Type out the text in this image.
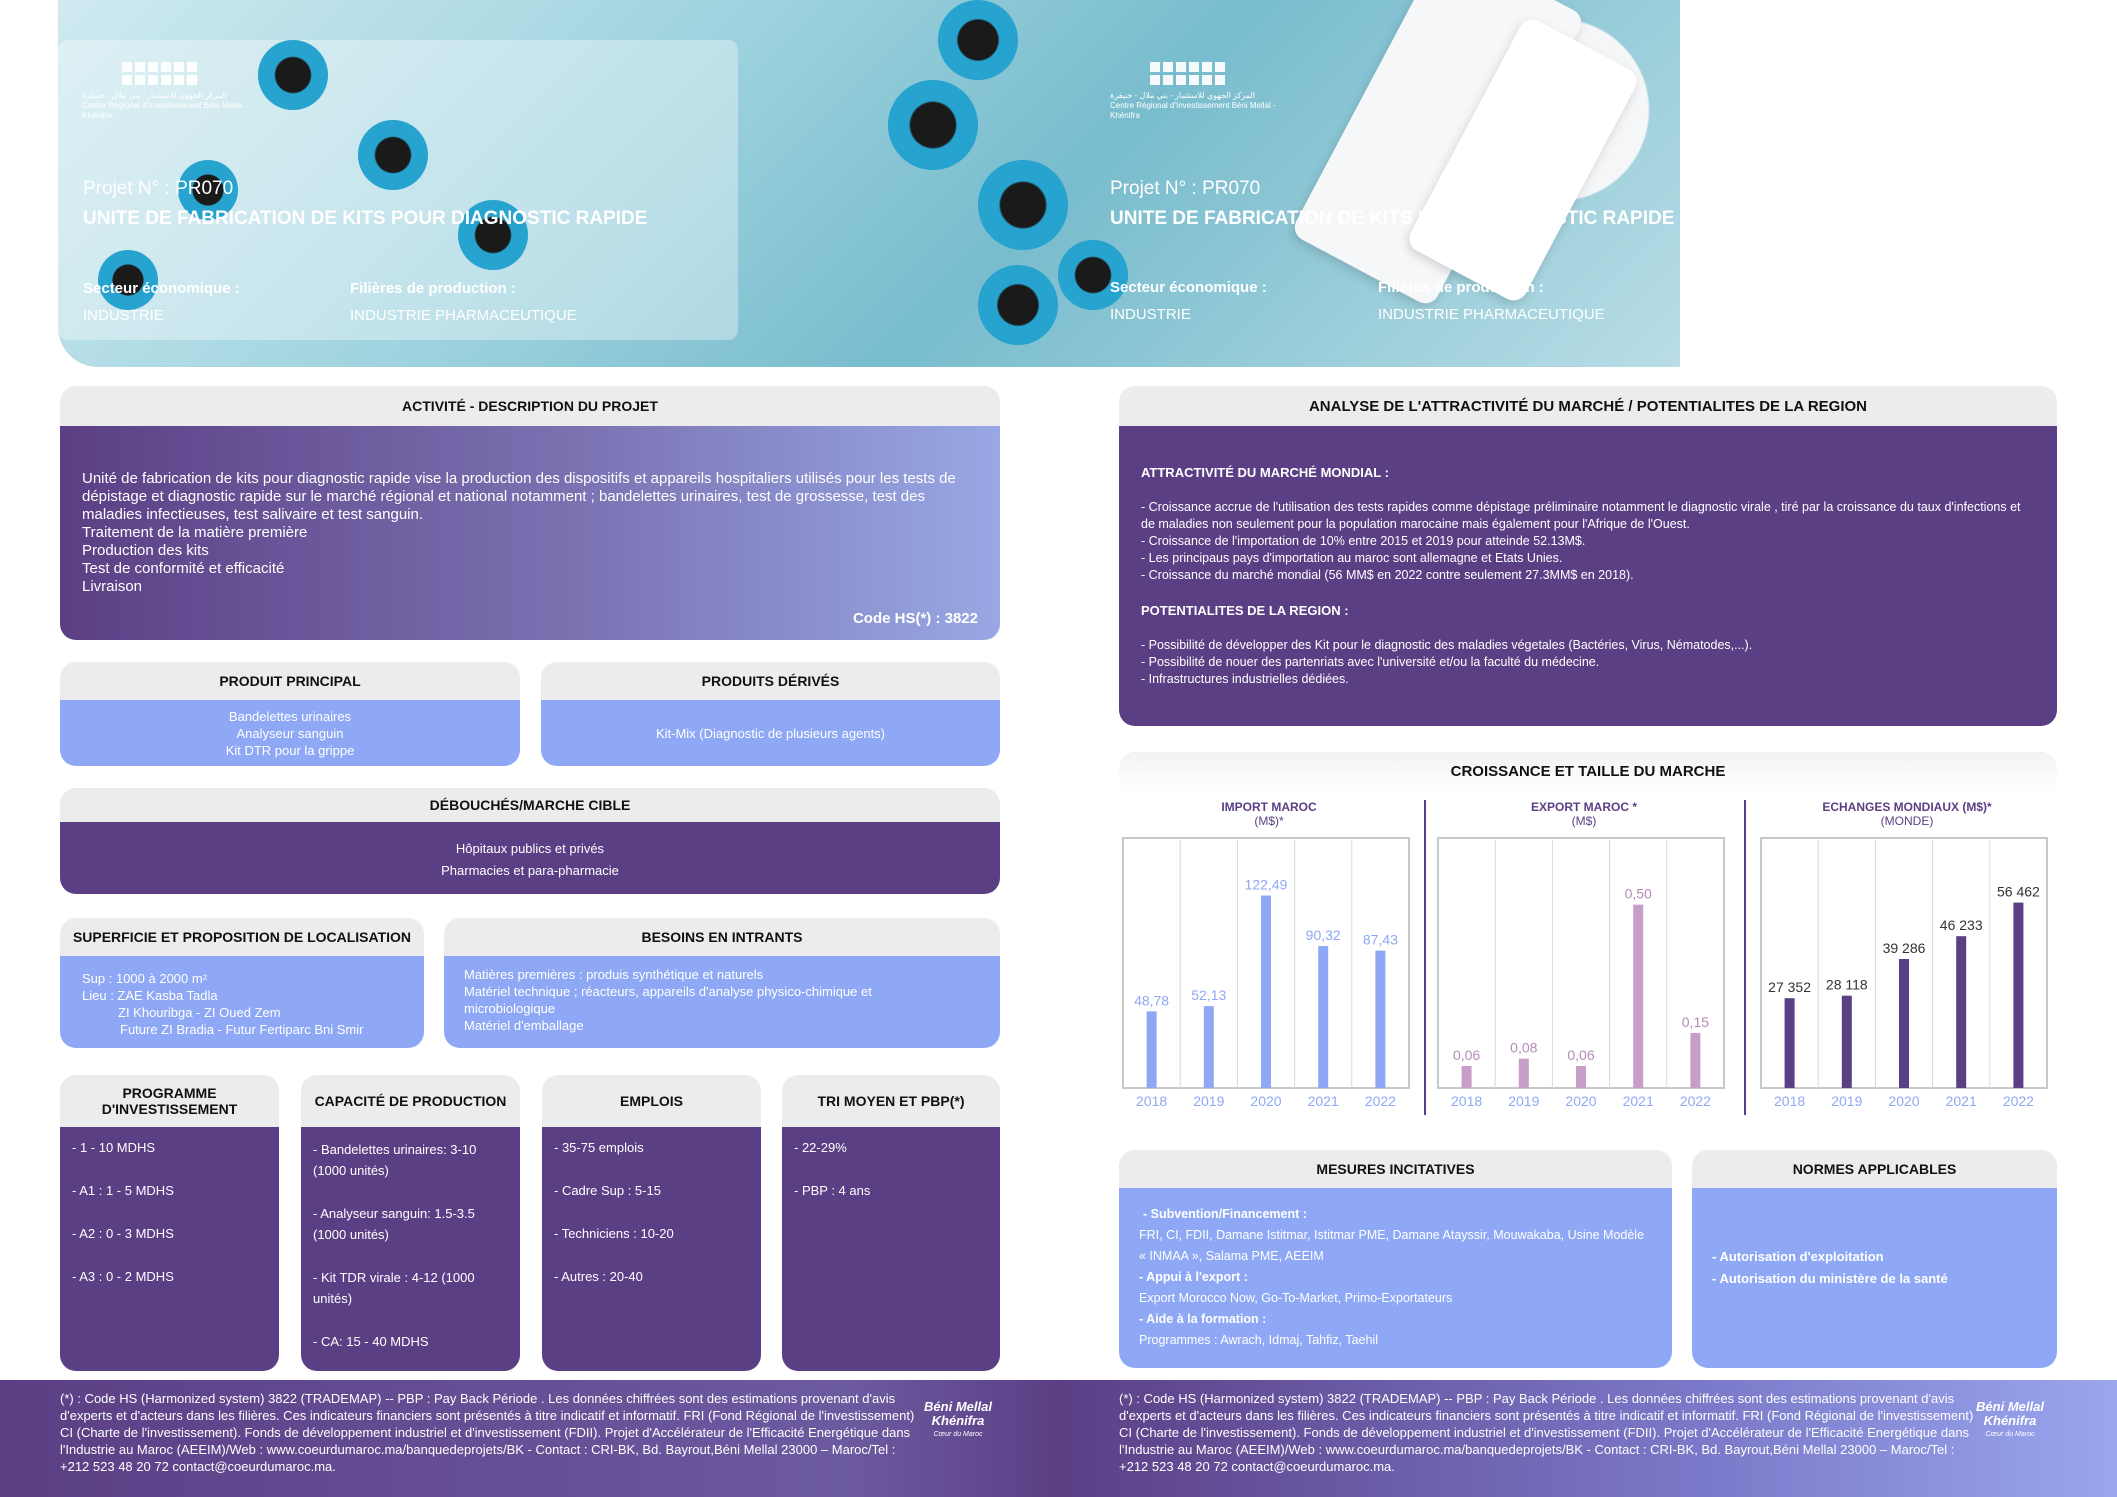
المركز الجهوي للاستثمار - بني ملال - خنيفرة
Centre Régional d'Investissement Béni Mellal - Khénifra
المركز الجهوي للاستثمار - بني ملال - خنيفرة
Centre Régional d'Investissement Béni Mellal - Khénifra
Projet N° : PR070
UNITE DE FABRICATION DE KITS POUR DIAGNOSTIC RAPIDE
Secteur économique :
INDUSTRIE
Filières de production :
INDUSTRIE PHARMACEUTIQUE
Projet N° : PR070
UNITE DE FABRICATION DE KITS POUR DIAGNOSTIC RAPIDE
Secteur économique :
INDUSTRIE
Filières de production :
INDUSTRIE PHARMACEUTIQUE
ACTIVITÉ - DESCRIPTION DU PROJET
Unité de fabrication de kits pour diagnostic rapide vise la production des dispositifs et appareils hospitaliers utilisés pour les tests de dépistage et diagnostic rapide sur le marché régional et national notamment ; bandelettes urinaires, test de grossesse, test des maladies infectieuses, test salivaire et test sanguin.
Traitement de la matière première
Production des kits
Test de conformité et efficacité
Livraison
Code HS(*) : 3822
PRODUIT PRINCIPAL
Bandelettes urinaires
Analyseur sanguin
Kit DTR pour la grippe
PRODUITS DÉRIVÉS
Kit-Mix (Diagnostic de plusieurs agents)
DÉBOUCHÉS/MARCHE CIBLE
Hôpitaux publics et privés
Pharmacies et para-pharmacie
SUPERFICIE ET PROPOSITION DE LOCALISATION
Sup : 1000 à 2000 m²
Lieu : ZAE Kasba Tadla
ZI Khouribga - ZI Oued Zem
Future ZI Bradia - Futur Fertiparc Bni Smir
BESOINS EN INTRANTS
Matières premières : produis synthétique et naturels
Matériel technique ; réacteurs, appareils d'analyse physico-chimique et microbiologique
Matériel d'emballage
PROGRAMME D'INVESTISSEMENT
- 1 - 10 MDHS
- A1 : 1 - 5 MDHS
- A2 : 0 - 3 MDHS
- A3 : 0 - 2 MDHS
CAPACITÉ DE PRODUCTION
- Bandelettes urinaires: 3-10 (1000 unités)
- Analyseur sanguin: 1.5-3.5 (1000 unités)
- Kit TDR virale : 4-12 (1000 unités)
- CA: 15 - 40 MDHS
EMPLOIS
- 35-75 emplois
- Cadre Sup : 5-15
- Techniciens : 10-20
- Autres : 20-40
TRI MOYEN ET PBP(*)
- 22-29%
- PBP : 4 ans
ANALYSE DE L'ATTRACTIVITÉ DU MARCHÉ / POTENTIALITES DE LA REGION
ATTRACTIVITÉ DU MARCHÉ MONDIAL :
- Croissance accrue de l'utilisation des tests rapides comme dépistage préliminaire notamment le diagnostic virale , tiré par la croissance du taux d'infections et de maladies non seulement pour la population marocaine mais également pour l'Afrique de l'Ouest.
- Croissance de l'importation de 10% entre 2015 et 2019 pour atteinde 52.13M$.
- Les principaus pays d'importation au maroc sont allemagne et Etats Unies.
- Croissance du marché mondial (56 MM$ en 2022 contre seulement 27.3MM$ en 2018).
POTENTIALITES DE LA REGION :
- Possibilité de développer des Kit pour le diagnostic des maladies végetales (Bactéries, Virus, Nématodes,...).
- Possibilité de nouer des partenriats avec l'université et/ou la faculté du médecine.
- Infrastructures industrielles dédiées.
CROISSANCE ET TAILLE DU MARCHE
IMPORT MAROC
(M$)*
48,78
2018
52,13
2019
122,49
2020
90,32
2021
87,43
2022
EXPORT MAROC *
(M$)
0,06
2018
0,08
2019
0,06
2020
0,50
2021
0,15
2022
ECHANGES MONDIAUX (M$)*
(MONDE)
27 352
2018
28 118
2019
39 286
2020
46 233
2021
56 462
2022
MESURES INCITATIVES
- Subvention/Financement :
FRI, CI, FDII, Damane Istitmar, Istitmar PME, Damane Atayssir, Mouwakaba, Usine Modèle « INMAA », Salama PME, AEEIM
- Appui à l'export :
Export Morocco Now, Go-To-Market, Primo-Exportateurs
- Aide à la formation :
Programmes : Awrach, Idmaj, Tahfiz, Taehil
NORMES APPLICABLES
- Autorisation d'exploitation
- Autorisation du ministère de la santé
(*) : Code HS (Harmonized system) 3822 (TRADEMAP) -- PBP : Pay Back Période . Les données chiffrées sont des estimations provenant d'avis d'experts et d'acteurs dans les filières. Ces indicateurs financiers sont présentés à titre indicatif et informatif. FRI (Fond Régional de l'investissement) CI (Charte de l'investissement). Fonds de développement industriel et d'investissement (FDII). Projet d'Accélérateur de l'Efficacité Energétique dans l'Industrie au Maroc (AEEIM)/Web : www.coeurdumaroc.ma/banquedeprojets/BK - Contact : CRI-BK, Bd. Bayrout,Béni Mellal 23000 – Maroc/Tel : +212 523 48 20 72 contact@coeurdumaroc.ma.
Béni Mellal
Khénifra
Cœur du Maroc
(*) : Code HS (Harmonized system) 3822 (TRADEMAP) -- PBP : Pay Back Période . Les données chiffrées sont des estimations provenant d'avis d'experts et d'acteurs dans les filières. Ces indicateurs financiers sont présentés à titre indicatif et informatif. FRI (Fond Régional de l'investissement) CI (Charte de l'investissement). Fonds de développement industriel et d'investissement (FDII). Projet d'Accélérateur de l'Efficacité Energétique dans l'Industrie au Maroc (AEEIM)/Web : www.coeurdumaroc.ma/banquedeprojets/BK - Contact : CRI-BK, Bd. Bayrout,Béni Mellal 23000 – Maroc/Tel : +212 523 48 20 72 contact@coeurdumaroc.ma.
Béni Mellal
Khénifra
Cœur du Maroc
